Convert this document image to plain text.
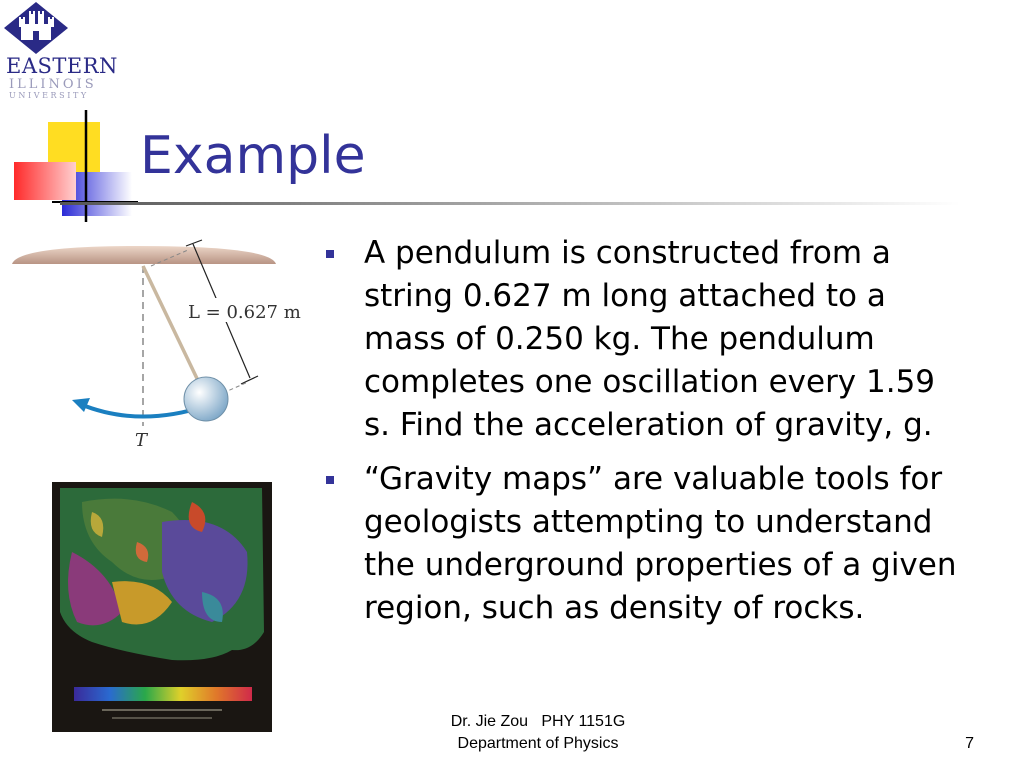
EASTERN
ILLINOIS
UNIVERSITY
Example
L = 0.627 m
T
A pendulum is constructed from a string 0.627 m long attached to a mass of 0.250 kg. The pendulum completes one oscillation every 1.59 s. Find the acceleration of gravity, g.
“Gravity maps” are valuable tools for geologists attempting to understand the underground properties of a given region, such as density of rocks.
Dr. Jie Zou   PHY 1151G
Department of Physics	7
